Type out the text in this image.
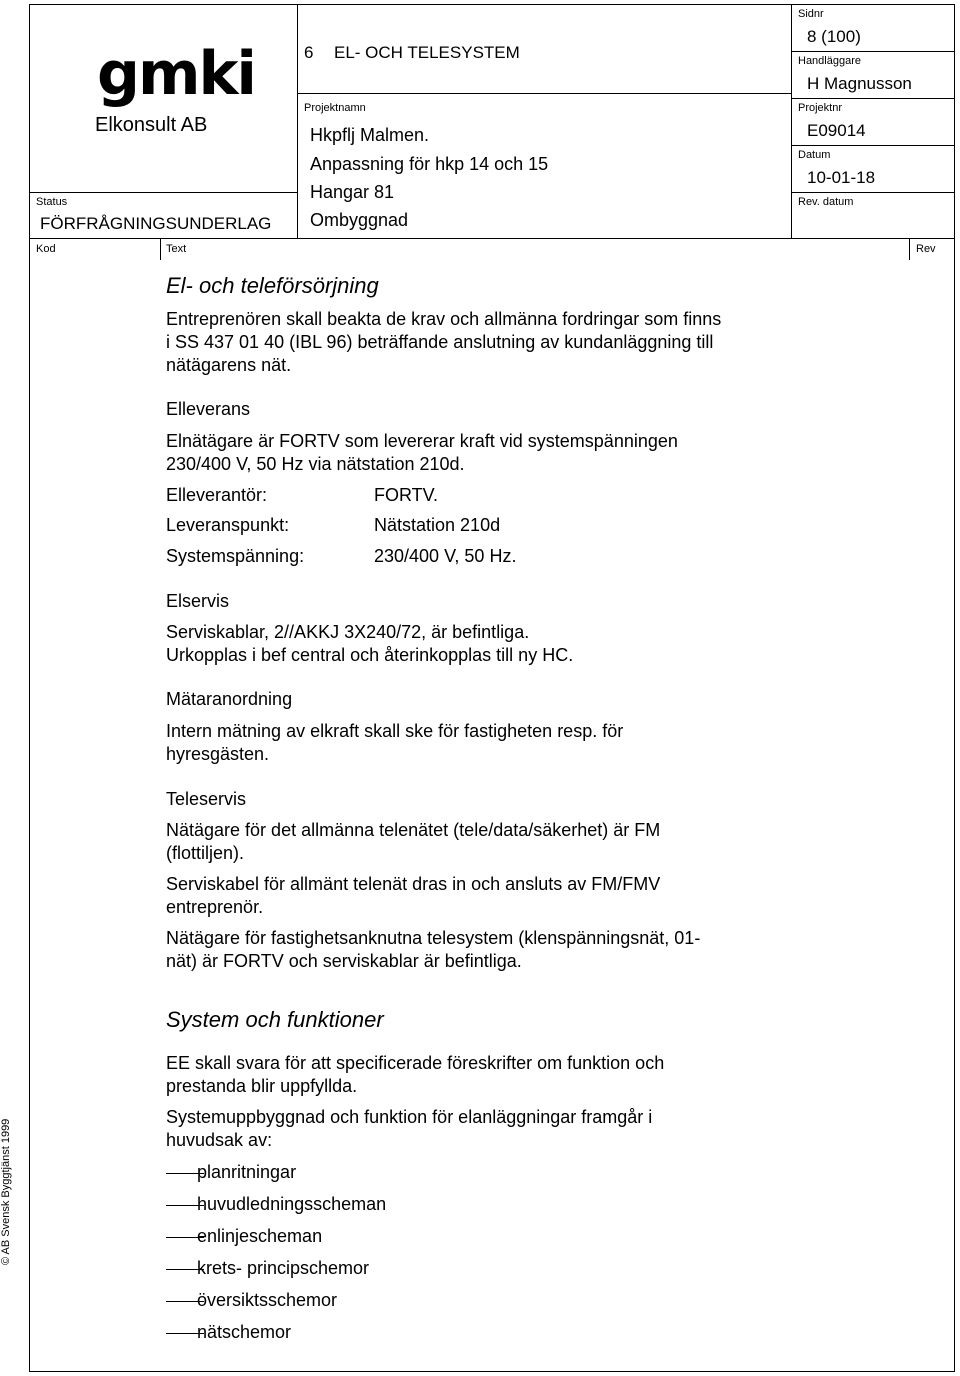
gmki
Elkonsult AB
Status
FÖRFRÅGNINGSUNDERLAG
6 EL- OCH TELESYSTEM
Projektnamn
Hkpflj Malmen.
Anpassning för hkp 14 och 15
Hangar 81
Ombyggnad
Sidnr
8 (100)
Handläggare
H Magnusson
Projektnr
E09014
Datum
10-01-18
Rev. datum
Kod	Text	Rev
El- och teleförsörjning
Entreprenören skall beakta de krav och allmänna fordringar som finns
i SS 437 01 40 (IBL 96) beträffande anslutning av kundanläggning till
nätägarens nät.
Elleverans
Elnätägare är FORTV som levererar kraft vid systemspänningen
230/400 V, 50 Hz via nätstation 210d.
Elleverantör:	FORTV.
Leveranspunkt:	Nätstation 210d
Systemspänning:	230/400 V, 50 Hz.
Elservis
Serviskablar, 2//AKKJ 3X240/72, är befintliga.
Urkopplas i bef central och återinkopplas till ny HC.
Mätaranordning
Intern mätning av elkraft skall ske för fastigheten resp. för
hyresgästen.
Teleservis
Nätägare för det allmänna telenätet (tele/data/säkerhet) är FM
(flottiljen).
Serviskabel för allmänt telenät dras in och ansluts av FM/FMV
entreprenör.
Nätägare för fastighetsanknutna telesystem (klenspänningsnät, 01-
nät) är FORTV och serviskablar är befintliga.
System och funktioner
EE skall svara för att specificerade föreskrifter om funktion och
prestanda blir uppfyllda.
Systemuppbyggnad och funktion för elanläggningar framgår i
huvudsak av:
planritningar
huvudledningsscheman
enlinjescheman
krets- principschemor
översiktsschemor
nätschemor
© AB Svensk Byggtjänst 1999
